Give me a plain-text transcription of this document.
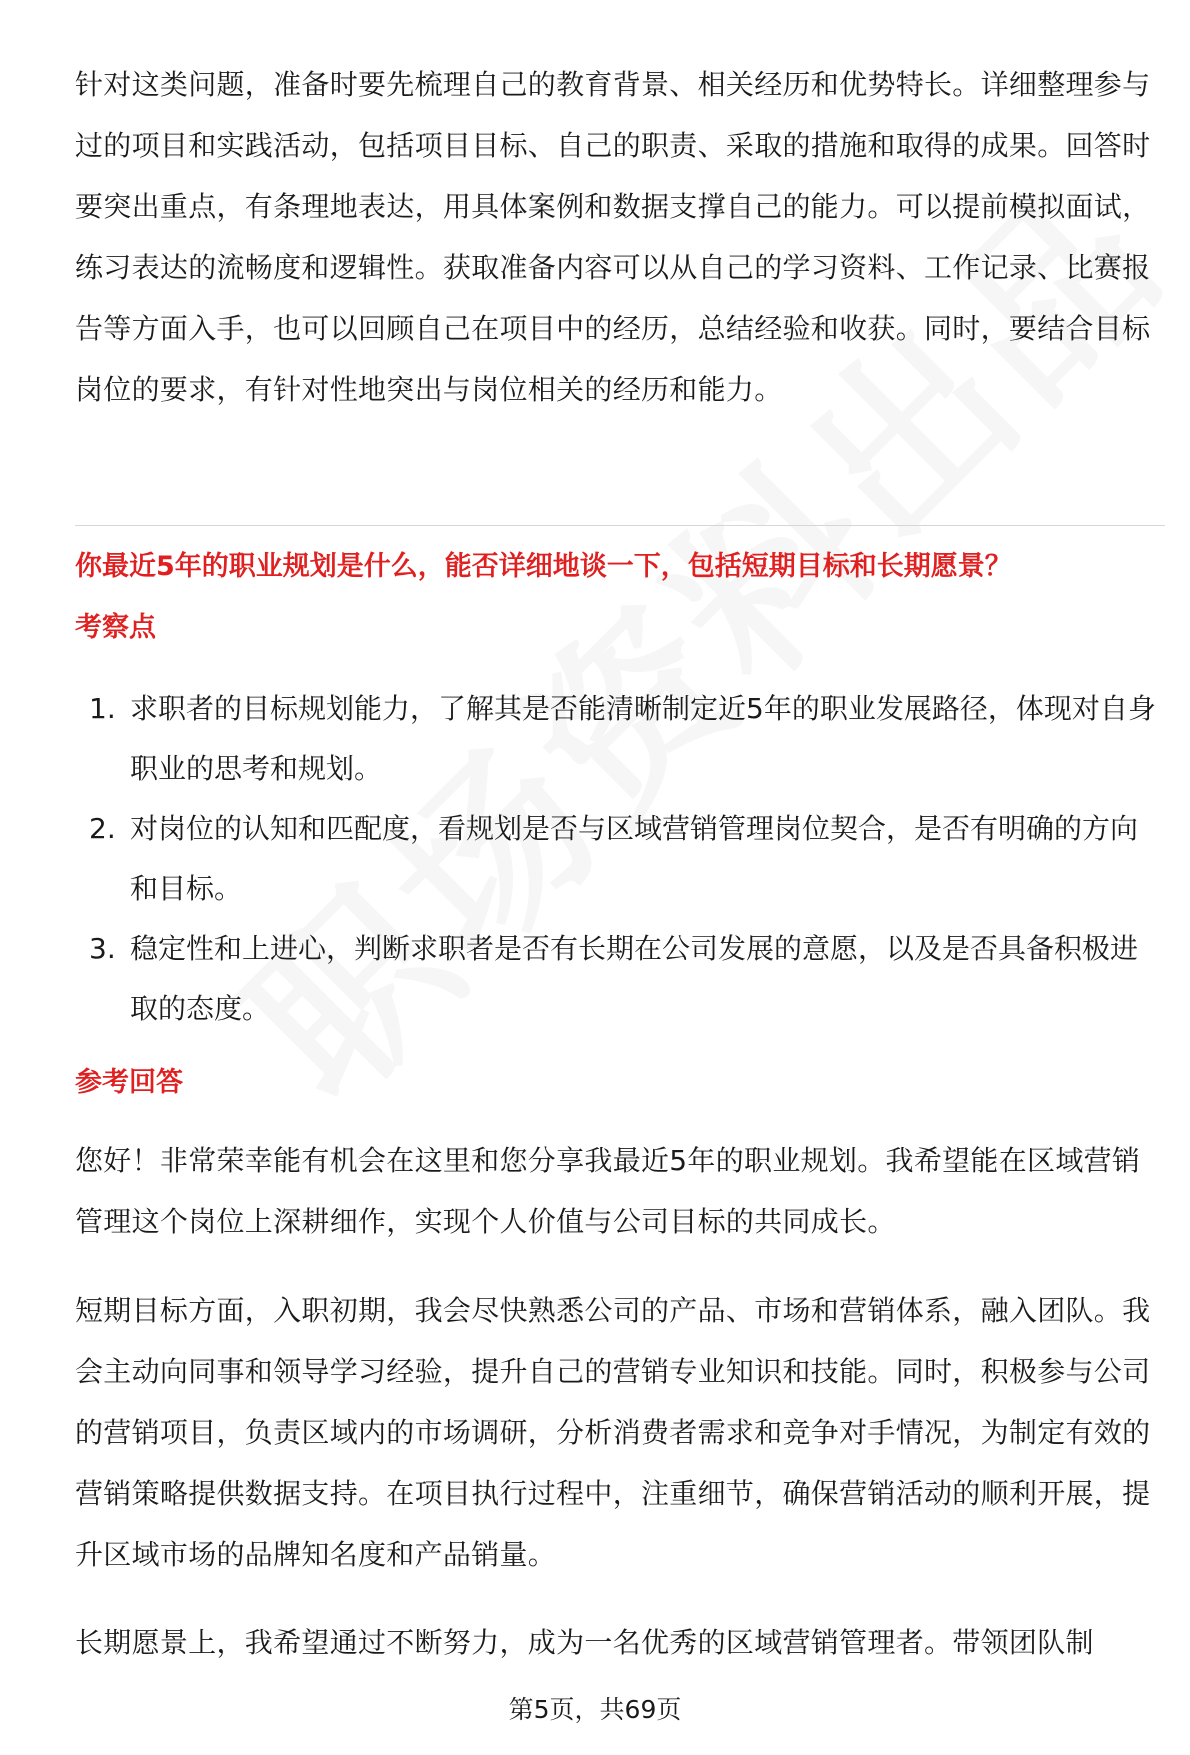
针对这类问题，准备时要先梳理自己的教育背景、相关经历和优势特长。详细整理参与过的项目和实践活动，包括项目目标、自己的职责、采取的措施和取得的成果。回答时要突出重点，有条理地表达，用具体案例和数据支撑自己的能力。可以提前模拟面试，练习表达的流畅度和逻辑性。获取准备内容可以从自己的学习资料、工作记录、比赛报告等方面入手，也可以回顾自己在项目中的经历，总结经验和收获。同时，要结合目标岗位的要求，有针对性地突出与岗位相关的经历和能力。

你最近5年的职业规划是什么，能否详细地谈一下，包括短期目标和长期愿景？

考察点

1. 求职者的目标规划能力，了解其是否能清晰制定近5年的职业发展路径，体现对自身职业的思考和规划。
2. 对岗位的认知和匹配度，看规划是否与区域营销管理岗位契合，是否有明确的方向和目标。
3. 稳定性和上进心，判断求职者是否有长期在公司发展的意愿，以及是否具备积极进取的态度。

参考回答

您好！非常荣幸能有机会在这里和您分享我最近5年的职业规划。我希望能在区域营销管理这个岗位上深耕细作，实现个人价值与公司目标的共同成长。

短期目标方面，入职初期，我会尽快熟悉公司的产品、市场和营销体系，融入团队。我会主动向同事和领导学习经验，提升自己的营销专业知识和技能。同时，积极参与公司的营销项目，负责区域内的市场调研，分析消费者需求和竞争对手情况，为制定有效的营销策略提供数据支持。在项目执行过程中，注重细节，确保营销活动的顺利开展，提升区域市场的品牌知名度和产品销量。

长期愿景上，我希望通过不断努力，成为一名优秀的区域营销管理者。带领团队制

第5页，共69页
